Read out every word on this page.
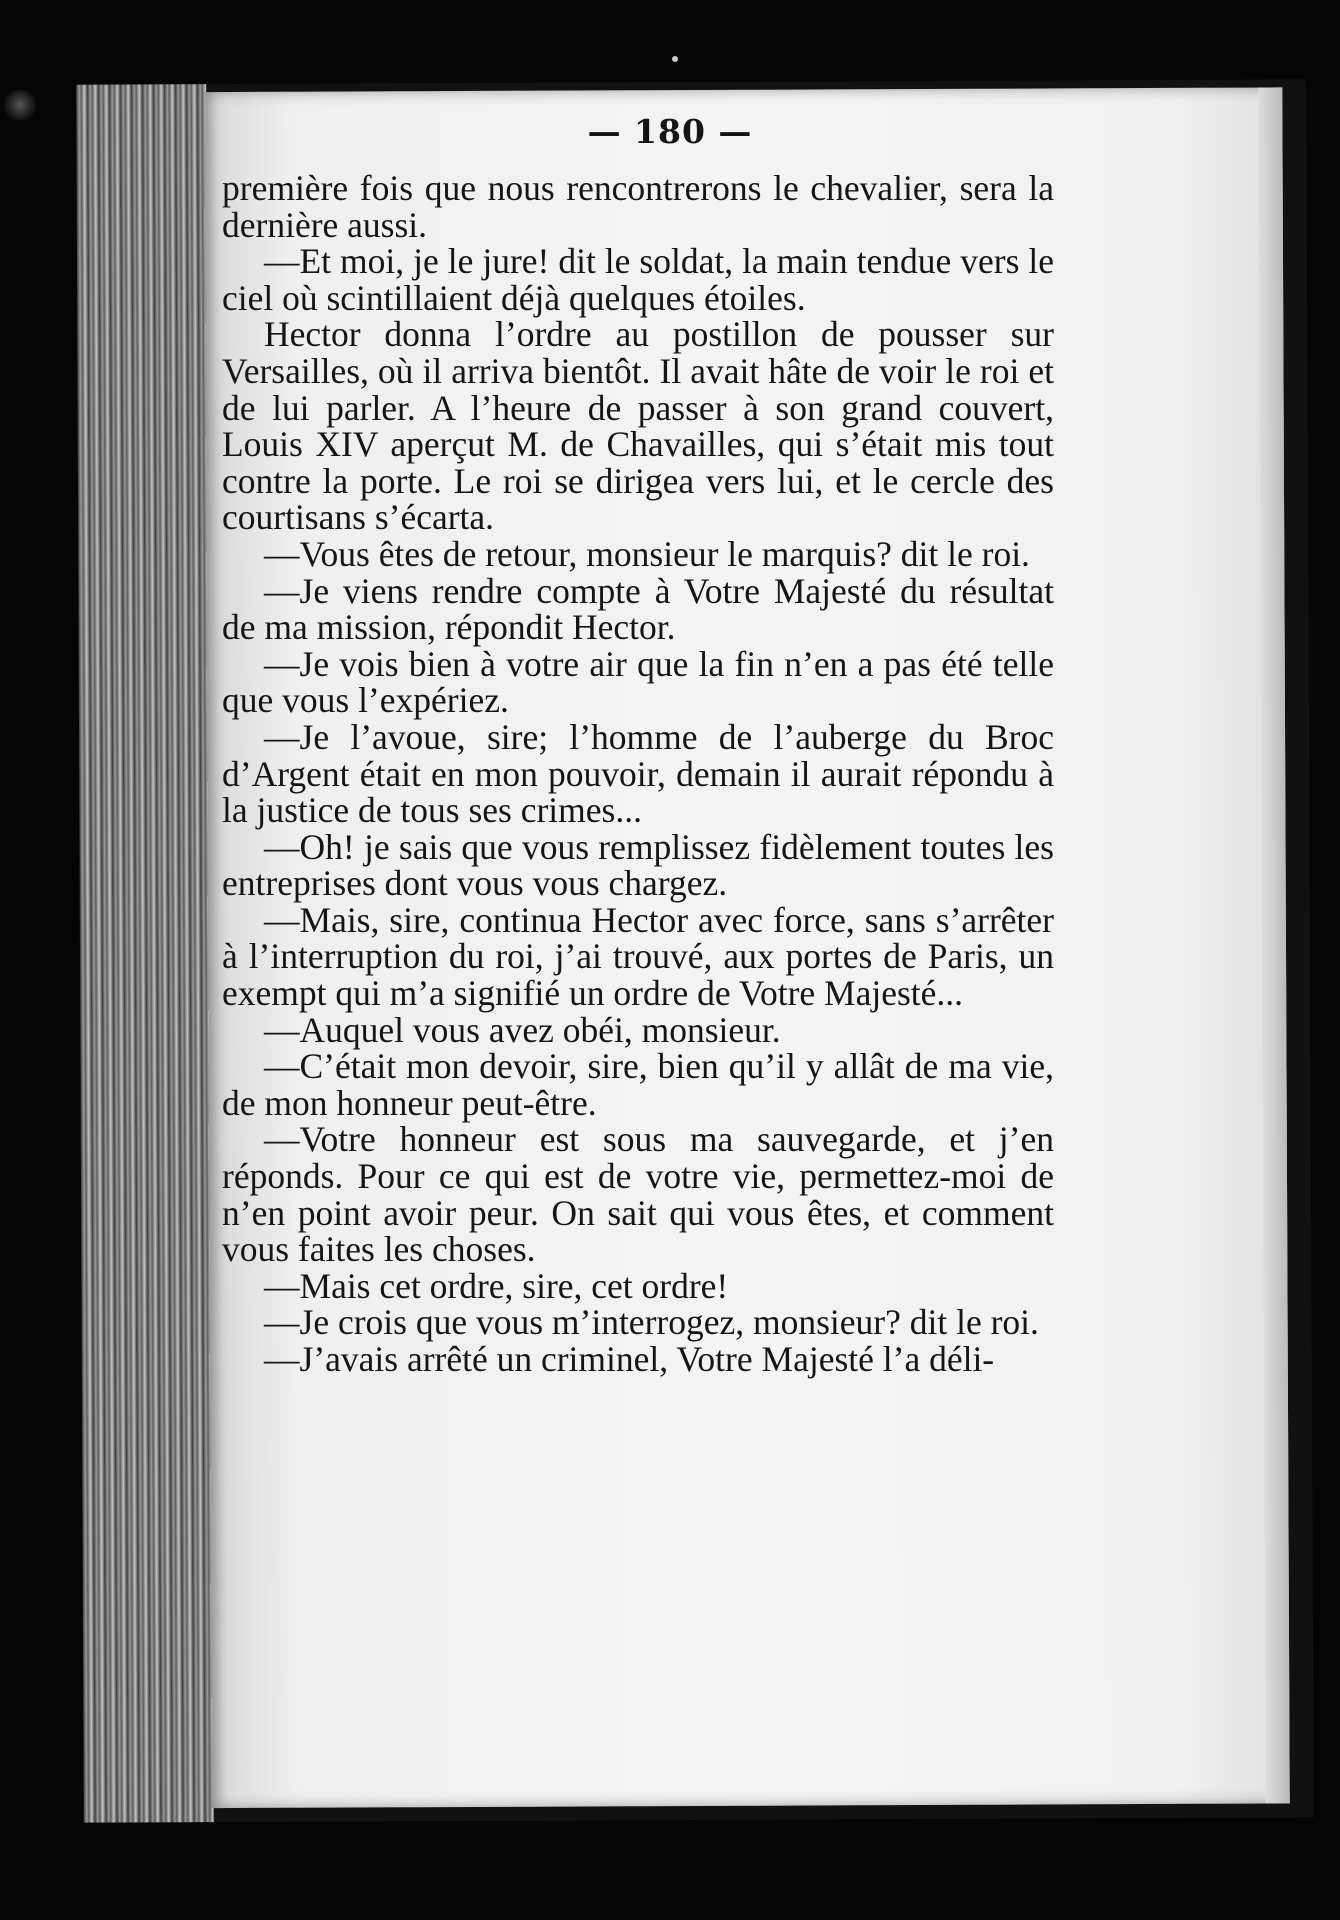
— 180 —

première fois que nous rencontrerons le chevalier, sera la dernière aussi.

—Et moi, je le jure! dit le soldat, la main tendue vers le ciel où scintillaient déjà quelques étoiles.

Hector donna l’ordre au postillon de pousser sur Versailles, où il arriva bientôt. Il avait hâte de voir le roi et de lui parler. A l’heure de passer à son grand couvert, Louis XIV aperçut M. de Chavailles, qui s’était mis tout contre la porte. Le roi se dirigea vers lui, et le cercle des courtisans s’écarta.

—Vous êtes de retour, monsieur le marquis? dit le roi.

—Je viens rendre compte à Votre Majesté du résultat de ma mission, répondit Hector.

—Je vois bien à votre air que la fin n’en a pas été telle que vous l’expériez.

—Je l’avoue, sire; l’homme de l’auberge du Broc d’Argent était en mon pouvoir, demain il aurait répondu à la justice de tous ses crimes...

—Oh! je sais que vous remplissez fidèlement toutes les entreprises dont vous vous chargez.

—Mais, sire, continua Hector avec force, sans s’arrêter à l’interruption du roi, j’ai trouvé, aux portes de Paris, un exempt qui m’a signifié un ordre de Votre Majesté...

—Auquel vous avez obéi, monsieur.

—C’était mon devoir, sire, bien qu’il y allât de ma vie, de mon honneur peut-être.

—Votre honneur est sous ma sauvegarde, et j’en réponds. Pour ce qui est de votre vie, permettez-moi de n’en point avoir peur. On sait qui vous êtes, et comment vous faites les choses.

—Mais cet ordre, sire, cet ordre!

—Je crois que vous m’interrogez, monsieur? dit le roi.

—J’avais arrêté un criminel, Votre Majesté l’a déli-
